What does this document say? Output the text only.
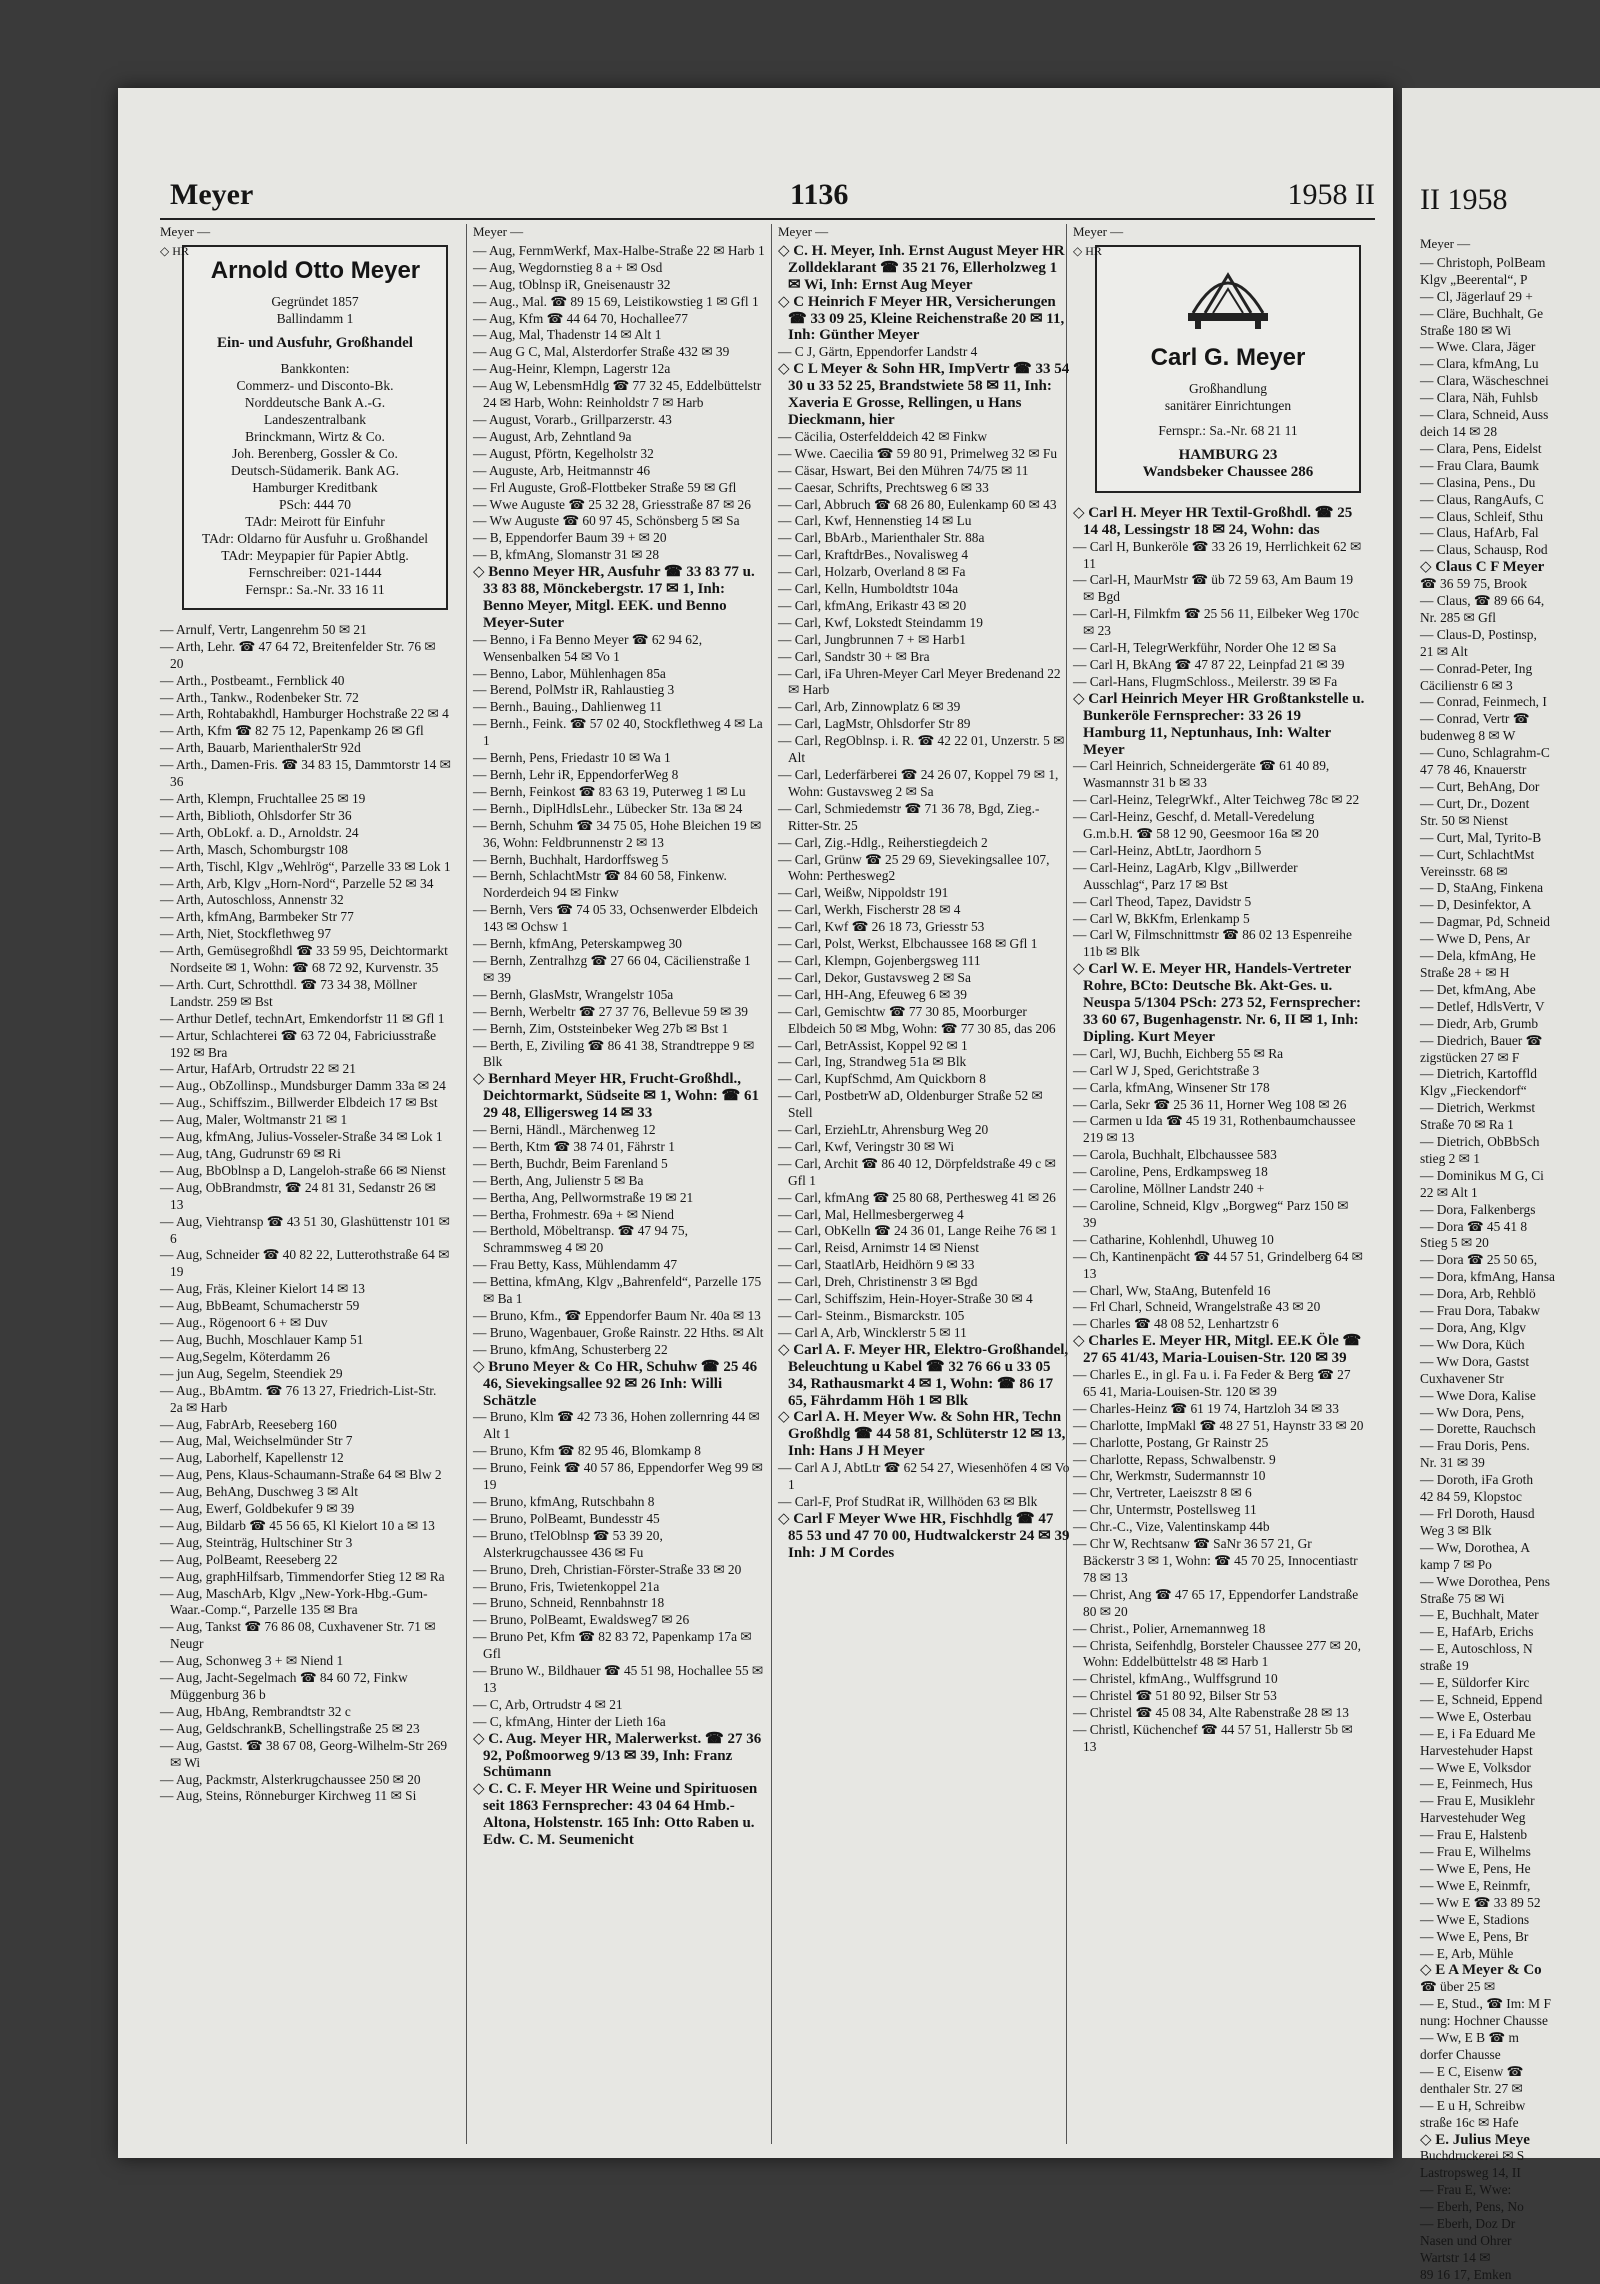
Meyer	1136	1958 II
Meyer —
◇ HR
Arnold Otto Meyer
Gegründet 1857
Ballindamm 1
Ein- und Ausfuhr, Großhandel
Bankkonten:
Commerz- und Disconto-Bk.
Norddeutsche Bank A.-G.
Landeszentralbank
Brinckmann, Wirtz & Co.
Joh. Berenberg, Gossler & Co.
Deutsch-Südamerik. Bank AG.
Hamburger Kreditbank
PSch: 444 70
TAdr: Meirott für Einfuhr
TAdr: Oldarno für Ausfuhr u. Großhandel
TAdr: Meypapier für Papier Abtlg.
Fernschreiber: 021-1444
Fernspr.: Sa.-Nr. 33 16 11
— Arnulf, Vertr, Langenrehm 50 ✉ 21
— Arth, Lehr. ☎ 47 64 72, Breitenfelder Str. 76 ✉ 20
— Arth., Postbeamt., Fernblick 40
— Arth., Tankw., Rodenbeker Str. 72
— Arth, Rohtabakhdl, Hamburger Hochstraße 22 ✉ 4
— Arth, Kfm ☎ 82 75 12, Papenkamp 26 ✉ Gfl
— Arth, Bauarb, MarienthalerStr 92d
— Arth., Damen-Fris. ☎ 34 83 15, Dammtorstr 14 ✉ 36
— Arth, Klempn, Fruchtallee 25 ✉ 19
— Arth, Biblioth, Ohlsdorfer Str 36
— Arth, ObLokf. a. D., Arnoldstr. 24
— Arth, Masch, Schomburgstr 108
— Arth, Tischl, Klgv „Wehlrög“, Parzelle 33 ✉ Lok 1
— Arth, Arb, Klgv „Horn-Nord“, Parzelle 52 ✉ 34
— Arth, Autoschloss, Annenstr 32
— Arth, kfmAng, Barmbeker Str 77
— Arth, Niet, Stockflethweg 97
— Arth, Gemüsegroßhdl ☎ 33 59 95, Deichtormarkt Nordseite ✉ 1, Wohn: ☎ 68 72 92, Kurvenstr. 35
— Arth. Curt, Schrotthdl. ☎ 73 34 38, Möllner Landstr. 259 ✉ Bst
— Arthur Detlef, technArt, Emkendorfstr 11 ✉ Gfl 1
— Artur, Schlachterei ☎ 63 72 04, Fabriciusstraße 192 ✉ Bra
— Artur, HafArb, Ortrudstr 22 ✉ 21
— Aug., ObZollinsp., Mundsburger Damm 33a ✉ 24
— Aug., Schiffszim., Billwerder Elbdeich 17 ✉ Bst
— Aug, Maler, Woltmanstr 21 ✉ 1
— Aug, kfmAng, Julius-Vosseler-Straße 34 ✉ Lok 1
— Aug, tAng, Gudrunstr 69 ✉ Ri
— Aug, BbOblnsp a D, Langeloh-straße 66 ✉ Nienst
— Aug, ObBrandmstr, ☎ 24 81 31, Sedanstr 26 ✉ 13
— Aug, Viehtransp ☎ 43 51 30, Glashüttenstr 101 ✉ 6
— Aug, Schneider ☎ 40 82 22, Lutterothstraße 64 ✉ 19
— Aug, Fräs, Kleiner Kielort 14 ✉ 13
— Aug, BbBeamt, Schumacherstr 59
— Aug., Rögenoort 6 + ✉ Duv
— Aug, Buchh, Moschlauer Kamp 51
— Aug,Segelm, Köterdamm 26
— jun Aug, Segelm, Steendiek 29
— Aug., BbAmtm. ☎ 76 13 27, Friedrich-List-Str. 2a ✉ Harb
— Aug, FabrArb, Reeseberg 160
— Aug, Mal, Weichselmünder Str 7
— Aug, Laborhelf, Kapellenstr 12
— Aug, Pens, Klaus-Schaumann-Straße 64 ✉ Blw 2
— Aug, BehAng, Duschweg 3 ✉ Alt
— Aug, Ewerf, Goldbekufer 9 ✉ 39
— Aug, Bildarb ☎ 45 56 65, Kl Kielort 10 a ✉ 13
— Aug, Steinträg, Hultschiner Str 3
— Aug, PolBeamt, Reeseberg 22
— Aug, graphHilfsarb, Timmendorfer Stieg 12 ✉ Ra
— Aug, MaschArb, Klgv „New-York-Hbg.-Gum-Waar.-Comp.“, Parzelle 135 ✉ Bra
— Aug, Tankst ☎ 76 86 08, Cuxhavener Str. 71 ✉ Neugr
— Aug, Schonweg 3 + ✉ Niend 1
— Aug, Jacht-Segelmach ☎ 84 60 72, Finkw Müggenburg 36 b
— Aug, HbAng, Rembrandtstr 32 c
— Aug, GeldschrankB, Schellingstraße 25 ✉ 23
— Aug, Gastst. ☎ 38 67 08, Georg-Wilhelm-Str 269 ✉ Wi
— Aug, Packmstr, Alsterkrugchaussee 250 ✉ 20
— Aug, Steins, Rönneburger Kirchweg 11 ✉ Si
Meyer —
— Aug, FernmWerkf, Max-Halbe-Straße 22 ✉ Harb 1
— Aug, Wegdornstieg 8 a + ✉ Osd
— Aug, tOblnsp iR, Gneisenaustr 32
— Aug., Mal. ☎ 89 15 69, Leistikowstieg 1 ✉ Gfl 1
— Aug, Kfm ☎ 44 64 70, Hochallee77
— Aug, Mal, Thadenstr 14 ✉ Alt 1
— Aug G C, Mal, Alsterdorfer Straße 432 ✉ 39
— Aug-Heinr, Klempn, Lagerstr 12a
— Aug W, LebensmHdlg ☎ 77 32 45, Eddelbüttelstr 24 ✉ Harb, Wohn: Reinholdstr 7 ✉ Harb
— August, Vorarb., Grillparzerstr. 43
— August, Arb, Zehntland 9a
— August, Pförtn, Kegelholstr 32
— Auguste, Arb, Heitmannstr 46
— Frl Auguste, Groß-Flottbeker Straße 59 ✉ Gfl
— Wwe Auguste ☎ 25 32 28, Griesstraße 87 ✉ 26
— Ww Auguste ☎ 60 97 45, Schönsberg 5 ✉ Sa
— B, Eppendorfer Baum 39 + ✉ 20
— B, kfmAng, Slomanstr 31 ✉ 28
◇ Benno Meyer HR, Ausfuhr ☎ 33 83 77 u. 33 83 88, Mönckebergstr. 17 ✉ 1, Inh: Benno Meyer, Mitgl. EEK. und Benno Meyer-Suter
— Benno, i Fa Benno Meyer ☎ 62 94 62, Wensenbalken 54 ✉ Vo 1
— Benno, Labor, Mühlenhagen 85a
— Berend, PolMstr iR, Rahlaustieg 3
— Bernh., Bauing., Dahlienweg 11
— Bernh., Feink. ☎ 57 02 40, Stockflethweg 4 ✉ La 1
— Bernh, Pens, Friedastr 10 ✉ Wa 1
— Bernh, Lehr iR, EppendorferWeg 8
— Bernh, Feinkost ☎ 83 63 19, Puterweg 1 ✉ Lu
— Bernh., DiplHdlsLehr., Lübecker Str. 13a ✉ 24
— Bernh, Schuhm ☎ 34 75 05, Hohe Bleichen 19 ✉ 36, Wohn: Feldbrunnenstr 2 ✉ 13
— Bernh, Buchhalt, Hardorffsweg 5
— Bernh, SchlachtMstr ☎ 84 60 58, Finkenw. Norderdeich 94 ✉ Finkw
— Bernh, Vers ☎ 74 05 33, Ochsenwerder Elbdeich 143 ✉ Ochsw 1
— Bernh, kfmAng, Peterskampweg 30
— Bernh, Zentralhzg ☎ 27 66 04, Cäcilienstraße 1 ✉ 39
— Bernh, GlasMstr, Wrangelstr 105a
— Bernh, Werbeltr ☎ 27 37 76, Bellevue 59 ✉ 39
— Bernh, Zim, Oststeinbeker Weg 27b ✉ Bst 1
— Berth, E, Ziviling ☎ 86 41 38, Strandtreppe 9 ✉ Blk
◇ Bernhard Meyer HR, Frucht-Großhdl., Deichtormarkt, Südseite ✉ 1, Wohn: ☎ 61 29 48, Elligersweg 14 ✉ 33
— Berni, Händl., Märchenweg 12
— Berth, Ktm ☎ 38 74 01, Fährstr 1
— Berth, Buchdr, Beim Farenland 5
— Berth, Ang, Julienstr 5 ✉ Ba
— Bertha, Ang, Pellwormstraße 19 ✉ 21
— Bertha, Frohmestr. 69a + ✉ Niend
— Berthold, Möbeltransp. ☎ 47 94 75, Schrammsweg 4 ✉ 20
— Frau Betty, Kass, Mühlendamm 47
— Bettina, kfmAng, Klgv „Bahrenfeld“, Parzelle 175 ✉ Ba 1
— Bruno, Kfm., ☎ Eppendorfer Baum Nr. 40a ✉ 13
— Bruno, Wagenbauer, Große Rainstr. 22 Hths. ✉ Alt
— Bruno, kfmAng, Schusterberg 22
◇ Bruno Meyer & Co HR, Schuhw ☎ 25 46 46, Sievekingsallee 92 ✉ 26 Inh: Willi Schätzle
— Bruno, Klm ☎ 42 73 36, Hohen zollernring 44 ✉ Alt 1
— Bruno, Kfm ☎ 82 95 46, Blomkamp 8
— Bruno, Feink ☎ 40 57 86, Eppendorfer Weg 99 ✉ 19
— Bruno, kfmAng, Rutschbahn 8
— Bruno, PolBeamt, Bundesstr 45
— Bruno, tTelOblnsp ☎ 53 39 20, Alsterkrugchaussee 436 ✉ Fu
— Bruno, Dreh, Christian-Förster-Straße 33 ✉ 20
— Bruno, Fris, Twietenkoppel 21a
— Bruno, Schneid, Rennbahnstr 18
— Bruno, PolBeamt, Ewaldsweg7 ✉ 26
— Bruno Pet, Kfm ☎ 82 83 72, Papenkamp 17a ✉ Gfl
— Bruno W., Bildhauer ☎ 45 51 98, Hochallee 55 ✉ 13
— C, Arb, Ortrudstr 4 ✉ 21
— C, kfmAng, Hinter der Lieth 16a
◇ C. Aug. Meyer HR, Malerwerkst. ☎ 27 36 92, Poßmoorweg 9/13 ✉ 39, Inh: Franz Schümann
◇ C. C. F. Meyer HR Weine und Spirituosen seit 1863 Fernsprecher: 43 04 64 Hmb.-Altona, Holstenstr. 165 Inh: Otto Raben u. Edw. C. M. Seumenicht
Meyer —
◇ C. H. Meyer, Inh. Ernst August Meyer HR Zolldeklarant ☎ 35 21 76, Ellerholzweg 1 ✉ Wi, Inh: Ernst Aug Meyer
◇ C Heinrich F Meyer HR, Versicherungen ☎ 33 09 25, Kleine Reichenstraße 20 ✉ 11, Inh: Günther Meyer
— C J, Gärtn, Eppendorfer Landstr 4
◇ C L Meyer & Sohn HR, ImpVertr ☎ 33 54 30 u 33 52 25, Brandstwiete 58 ✉ 11, Inh: Xaveria E Grosse, Rellingen, u Hans Dieckmann, hier
— Cäcilia, Osterfelddeich 42 ✉ Finkw
— Wwe. Caecilia ☎ 59 80 91, Primelweg 32 ✉ Fu
— Cäsar, Hswart, Bei den Mühren 74/75 ✉ 11
— Caesar, Schrifts, Prechtsweg 6 ✉ 33
— Carl, Abbruch ☎ 68 26 80, Eulenkamp 60 ✉ 43
— Carl, Kwf, Hennenstieg 14 ✉ Lu
— Carl, BbArb., Marienthaler Str. 88a
— Carl, KraftdrBes., Novalisweg 4
— Carl, Holzarb, Overland 8 ✉ Fa
— Carl, Kelln, Humboldtstr 104a
— Carl, kfmAng, Erikastr 43 ✉ 20
— Carl, Kwf, Lokstedt Steindamm 19
— Carl, Jungbrunnen 7 + ✉ Harb1
— Carl, Sandstr 30 + ✉ Bra
— Carl, iFa Uhren-Meyer Carl Meyer Bredenand 22 ✉ Harb
— Carl, Arb, Zinnowplatz 6 ✉ 39
— Carl, LagMstr, Ohlsdorfer Str 89
— Carl, RegOblnsp. i. R. ☎ 42 22 01, Unzerstr. 5 ✉ Alt
— Carl, Lederfärberei ☎ 24 26 07, Koppel 79 ✉ 1, Wohn: Gustavsweg 2 ✉ Sa
— Carl, Schmiedemstr ☎ 71 36 78, Bgd, Zieg.-Ritter-Str. 25
— Carl, Zig.-Hdlg., Reiherstiegdeich 2
— Carl, Grünw ☎ 25 29 69, Sievekingsallee 107, Wohn: Perthesweg2
— Carl, Weißw, Nippoldstr 191
— Carl, Werkh, Fischerstr 28 ✉ 4
— Carl, Kwf ☎ 26 18 73, Griesstr 53
— Carl, Polst, Werkst, Elbchaussee 168 ✉ Gfl 1
— Carl, Klempn, Gojenbergsweg 111
— Carl, Dekor, Gustavsweg 2 ✉ Sa
— Carl, HH-Ang, Efeuweg 6 ✉ 39
— Carl, Gemischtw ☎ 77 30 85, Moorburger Elbdeich 50 ✉ Mbg, Wohn: ☎ 77 30 85, das 206
— Carl, BetrAssist, Koppel 92 ✉ 1
— Carl, Ing, Strandweg 51a ✉ Blk
— Carl, KupfSchmd, Am Quickborn 8
— Carl, PostbetrW aD, Oldenburger Straße 52 ✉ Stell
— Carl, ErziehLtr, Ahrensburg Weg 20
— Carl, Kwf, Veringstr 30 ✉ Wi
— Carl, Archit ☎ 86 40 12, Dörpfeldstraße 49 c ✉ Gfl 1
— Carl, kfmAng ☎ 25 80 68, Perthesweg 41 ✉ 26
— Carl, Mal, Hellmesbergerweg 4
— Carl, ObKelln ☎ 24 36 01, Lange Reihe 76 ✉ 1
— Carl, Reisd, Arnimstr 14 ✉ Nienst
— Carl, StaatlArb, Heidhörn 9 ✉ 33
— Carl, Dreh, Christinenstr 3 ✉ Bgd
— Carl, Schiffszim, Hein-Hoyer-Straße 30 ✉ 4
— Carl- Steinm., Bismarckstr. 105
— Carl A, Arb, Wincklerstr 5 ✉ 11
◇ Carl A. F. Meyer HR, Elektro-Großhandel, Beleuchtung u Kabel ☎ 32 76 66 u 33 05 34, Rathausmarkt 4 ✉ 1, Wohn: ☎ 86 17 65, Fährdamm Höh 1 ✉ Blk
◇ Carl A. H. Meyer Ww. & Sohn HR, Techn Großhdlg ☎ 44 58 81, Schlüterstr 12 ✉ 13, Inh: Hans J H Meyer
— Carl A J, AbtLtr ☎ 62 54 27, Wiesenhöfen 4 ✉ Vo 1
— Carl-F, Prof StudRat iR, Willhöden 63 ✉ Blk
◇ Carl F Meyer Wwe HR, Fischhdlg ☎ 47 85 53 und 47 70 00, Hudtwalckerstr 24 ✉ 39 Inh: J M Cordes
Meyer —
◇ HR
Carl G. Meyer
Großhandlung
sanitärer Einrichtungen
Fernspr.: Sa.-Nr. 68 21 11
HAMBURG 23
Wandsbeker Chaussee 286
◇ Carl H. Meyer HR Textil-Großhdl. ☎ 25 14 48, Lessingstr 18 ✉ 24, Wohn: das
— Carl H, Bunkeröle ☎ 33 26 19, Herrlichkeit 62 ✉ 11
— Carl-H, MaurMstr ☎ üb 72 59 63, Am Baum 19 ✉ Bgd
— Carl-H, Filmkfm ☎ 25 56 11, Eilbeker Weg 170c ✉ 23
— Carl-H, TelegrWerkführ, Norder Ohe 12 ✉ Sa
— Carl H, BkAng ☎ 47 87 22, Leinpfad 21 ✉ 39
— Carl-Hans, FlugmSchloss., Meilerstr. 39 ✉ Fa
◇ Carl Heinrich Meyer HR Großtankstelle u. Bunkeröle Fernsprecher: 33 26 19 Hamburg 11, Neptunhaus, Inh: Walter Meyer
— Carl Heinrich, Schneidergeräte ☎ 61 40 89, Wasmannstr 31 b ✉ 33
— Carl-Heinz, TelegrWkf., Alter Teichweg 78c ✉ 22
— Carl-Heinz, Geschf, d. Metall-Veredelung G.m.b.H. ☎ 58 12 90, Geesmoor 16a ✉ 20
— Carl-Heinz, AbtLtr, Jaordhorn 5
— Carl-Heinz, LagArb, Klgv „Billwerder Ausschlag“, Parz 17 ✉ Bst
— Carl Theod, Tapez, Davidstr 5
— Carl W, BkKfm, Erlenkamp 5
— Carl W, Filmschnittmstr ☎ 86 02 13 Espenreihe 11b ✉ Blk
◇ Carl W. E. Meyer HR, Handels-Vertreter Rohre, BCto: Deutsche Bk. Akt-Ges. u. Neuspa 5/1304 PSch: 273 52, Fernsprecher: 33 60 67, Bugenhagenstr. Nr. 6, II ✉ 1, Inh: Dipling. Kurt Meyer
— Carl, WJ, Buchh, Eichberg 55 ✉ Ra
— Carl W J, Sped, Gerichtstraße 3
— Carla, kfmAng, Winsener Str 178
— Carla, Sekr ☎ 25 36 11, Horner Weg 108 ✉ 26
— Carmen u Ida ☎ 45 19 31, Rothenbaumchaussee 219 ✉ 13
— Carola, Buchhalt, Elbchaussee 583
— Caroline, Pens, Erdkampsweg 18
— Caroline, Möllner Landstr 240 +
— Caroline, Schneid, Klgv „Borgweg“ Parz 150 ✉ 39
— Catharine, Kohlenhdl, Uhuweg 10
— Ch, Kantinenpächt ☎ 44 57 51, Grindelberg 64 ✉ 13
— Charl, Ww, StaAng, Butenfeld 16
— Frl Charl, Schneid, Wrangelstraße 43 ✉ 20
— Charles ☎ 48 08 52, Lenhartzstr 6
◇ Charles E. Meyer HR, Mitgl. EE.K Öle ☎ 27 65 41/43, Maria-Louisen-Str. 120 ✉ 39
— Charles E., in gl. Fa u. i. Fa Feder & Berg ☎ 27 65 41, Maria-Louisen-Str. 120 ✉ 39
— Charles-Heinz ☎ 61 19 74, Hartzloh 34 ✉ 33
— Charlotte, ImpMakl ☎ 48 27 51, Haynstr 33 ✉ 20
— Charlotte, Postang, Gr Rainstr 25
— Charlotte, Repass, Schwalbenstr. 9
— Chr, Werkmstr, Sudermannstr 10
— Chr, Vertreter, Laeiszstr 8 ✉ 6
— Chr, Untermstr, Postellsweg 11
— Chr.-C., Vize, Valentinskamp 44b
— Chr W, Rechtsanw ☎ SaNr 36 57 21, Gr Bäckerstr 3 ✉ 1, Wohn: ☎ 45 70 25, Innocentiastr 78 ✉ 13
— Christ, Ang ☎ 47 65 17, Eppendorfer Landstraße 80 ✉ 20
— Christ., Polier, Arnemannweg 18
— Christa, Seifenhdlg, Borsteler Chaussee 277 ✉ 20, Wohn: Eddelbüttelstr 48 ✉ Harb 1
— Christel, kfmAng., Wulffsgrund 10
— Christel ☎ 51 80 92, Bilser Str 53
— Christel ☎ 45 08 34, Alte Rabenstraße 28 ✉ 13
— Christl, Küchenchef ☎ 44 57 51, Hallerstr 5b ✉ 13
II 1958
Meyer —
— Christoph, PolBeam
Klgv „Beerental“, P
— Cl, Jägerlauf 29 +
— Cläre, Buchhalt, Ge
Straße 180 ✉ Wi
— Wwe. Clara, Jäger
— Clara, kfmAng, Lu
— Clara, Wäscheschnei
— Clara, Näh, Fuhlsb
— Clara, Schneid, Auss
deich 14 ✉ 28
— Clara, Pens, Eidelst
— Frau Clara, Baumk
— Clasina, Pens., Du
— Claus, RangAufs, C
— Claus, Schleif, Sthu
— Claus, HafArb, Fal
— Claus, Schausp, Rod
◇ Claus C F Meyer
☎ 36 59 75, Brook
— Claus, ☎ 89 66 64,
Nr. 285 ✉ Gfl
— Claus-D, Postinsp,
21 ✉ Alt
— Conrad-Peter, Ing
Cäcilienstr 6 ✉ 3
— Conrad, Feinmech, I
— Conrad, Vertr ☎
budenweg 8 ✉ W
— Cuno, Schlagrahm-C
47 78 46, Knauerstr
— Curt, BehAng, Dor
— Curt, Dr., Dozent
Str. 50 ✉ Nienst
— Curt, Mal, Tyrito-B
— Curt, SchlachtMst
Vereinsstr. 68 ✉
— D, StaAng, Finkena
— D, Desinfektor, A
— Dagmar, Pd, Schneid
— Wwe D, Pens, Ar
— Dela, kfmAng, He
Straße 28 + ✉ H
— Det, kfmAng, Abe
— Detlef, HdlsVertr, V
— Diedr, Arb, Grumb
— Diedrich, Bauer ☎
zigstücken 27 ✉ F
— Dietrich, Kartoffld
Klgv „Fieckendorf“
— Dietrich, Werkmst
Straße 70 ✉ Ra 1
— Dietrich, ObBbSch
stieg 2 ✉ 1
— Dominikus M G, Ci
22 ✉ Alt 1
— Dora, Falkenbergs
— Dora ☎ 45 41 8
Stieg 5 ✉ 20
— Dora ☎ 25 50 65,
— Dora, kfmAng, Hansa
— Dora, Arb, Rehblö
— Frau Dora, Tabakw
— Dora, Ang, Klgv
— Ww Dora, Küch
— Ww Dora, Gastst
Cuxhavener Str
— Wwe Dora, Kalise
— Ww Dora, Pens,
— Dorette, Rauchsch
— Frau Doris, Pens.
Nr. 31 ✉ 39
— Doroth, iFa Groth
42 84 59, Klopstoc
— Frl Doroth, Hausd
Weg 3 ✉ Blk
— Ww, Dorothea, A
kamp 7 ✉ Po
— Wwe Dorothea, Pens
Straße 75 ✉ Wi
— E, Buchhalt, Mater
— E, HafArb, Erichs
— E, Autoschloss, N
straße 19
— E, Süldorfer Kirc
— E, Schneid, Eppend
— Wwe E, Osterbau
— E, i Fa Eduard Me
Harvestehuder Hapst
— Wwe E, Volksdor
— E, Feinmech, Hus
— Frau E, Musiklehr
Harvestehuder Weg
— Frau E, Halstenb
— Frau E, Wilhelms
— Wwe E, Pens, He
— Wwe E, Reinmfr,
— Ww E ☎ 33 89 52
— Wwe E, Stadions
— Wwe E, Pens, Br
— E, Arb, Mühle
◇ E A Meyer & Co
☎ über 25 ✉
— E, Stud., ☎ Im: M F
nung: Hochner Chausse
— Ww, E B ☎ m
dorfer Chausse
— E C, Eisenw ☎
denthaler Str. 27 ✉
— E u H, Schreibw
straße 16c ✉ Hafe
◇ E. Julius Meye
Buchdruckerei ✉ S
Lastropsweg 14, II
— Frau E, Wwe:
— Eberh, Pens, No
— Eberh, Doz Dr
Nasen und Ohrer
Wartstr 14 ✉
89 16 17, Emken
